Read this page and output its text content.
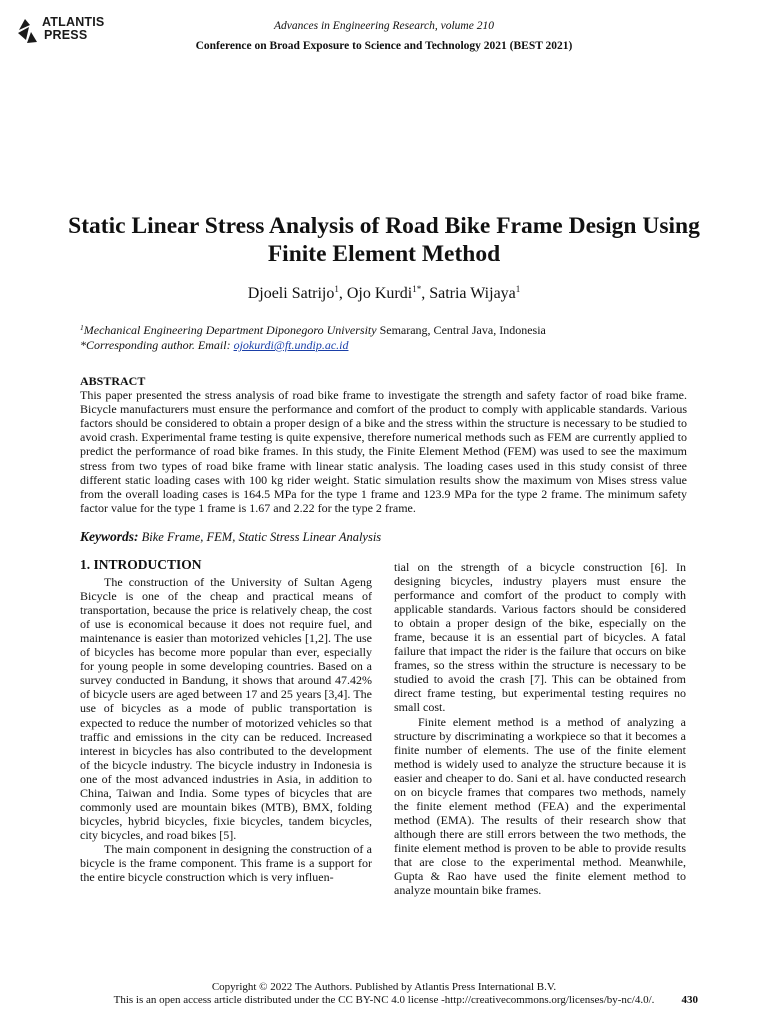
ATLANTIS
PRESS
Advances in Engineering Research, volume 210
Conference on Broad Exposure to Science and Technology 2021 (BEST 2021)
Static Linear Stress Analysis of Road Bike Frame Design Using Finite Element Method
Djoeli Satrijo$^1$, Ojo Kurdi$^{1*}$, Satria Wijaya$^1$
$^1$Mechanical Engineering Department Diponegoro University Semarang, Central Java, Indonesia
*Corresponding author. Email: ojokurdi@ft.undip.ac.id
ABSTRACT
This paper presented the stress analysis of road bike frame to investigate the strength and safety factor of road bike frame. Bicycle manufacturers must ensure the performance and comfort of the product to comply with applicable standards. Various factors should be considered to obtain a proper design of a bike and the stress within the structure is necessary to be studied to avoid crash. Experimental frame testing is quite expensive, therefore numerical methods such as FEM are currently applied to predict the performance of road bike frames. In this study, the Finite Element Method (FEM) was used to see the maximum stress from two types of road bike frame with linear static analysis. The loading cases used in this study consist of three different static loading cases with 100 kg rider weight. Static simulation results show the maximum von Mises stress value from the overall loading cases is 164.5 MPa for the type 1 frame and 123.9 MPa for the type 2 frame. The minimum safety factor value for the type 1 frame is 1.67 and 2.22 for the type 2 frame.
Keywords: Bike Frame, FEM, Static Stress Linear Analysis
1. INTRODUCTION

The construction of the University of Sultan Ageng Bicycle is one of the cheap and practical means of transportation, because the price is relatively cheap, the cost of use is economical because it does not require fuel, and maintenance is easier than motorized vehicles [1,2]. The use of bicycles has become more popular than ever, especially for young people in some developing countries. Based on a survey conducted in Bandung, it shows that around 47.42% of bicycle users are aged between 17 and 25 years [3,4]. The use of bicycles as a mode of public transportation is expected to reduce the number of motorized vehicles so that traffic and emissions in the city can be reduced. Increased interest in bicycles has also contributed to the development of the bicycle industry. The bicycle industry in Indonesia is one of the most advanced industries in Asia, in addition to China, Taiwan and India. Some types of bicycles that are commonly used are mountain bikes (MTB), BMX, folding bicycles, hybrid bicycles, fixie bicycles, tandem bicycles, city bicycles, and road bikes [5].

The main component in designing the construction of a bicycle is the frame component. This frame is a support for the entire bicycle construction which is very influen-

tial on the strength of a bicycle construction [6]. In designing bicycles, industry players must ensure the performance and comfort of the product to comply with applicable standards. Various factors should be considered to obtain a proper design of the bike, especially on the frame, because it is an essential part of bicycles. A fatal failure that impact the rider is the failure that occurs on bike frames, so the stress within the structure is necessary to be studied to avoid the crash [7]. This can be obtained from direct frame testing, but experimental testing requires no small cost.

Finite element method is a method of analyzing a structure by discriminating a workpiece so that it becomes a finite number of elements. The use of the finite element method is widely used to analyze the structure because it is easier and cheaper to do. Sani et al. have conducted research on on bicycle frames that compares two methods, namely the finite element method (FEA) and the experimental method (EMA). The results of their research show that although there are still errors between the two methods, the finite element method is proven to be able to provide results that are close to the experimental method. Meanwhile, Gupta & Rao have used the finite element method to analyze mountain bike frames.

Copyright © 2022 The Authors. Published by Atlantis Press International B.V.
This is an open access article distributed under the CC BY-NC 4.0 license -http://creativecommons.org/licenses/by-nc/4.0/.	430
